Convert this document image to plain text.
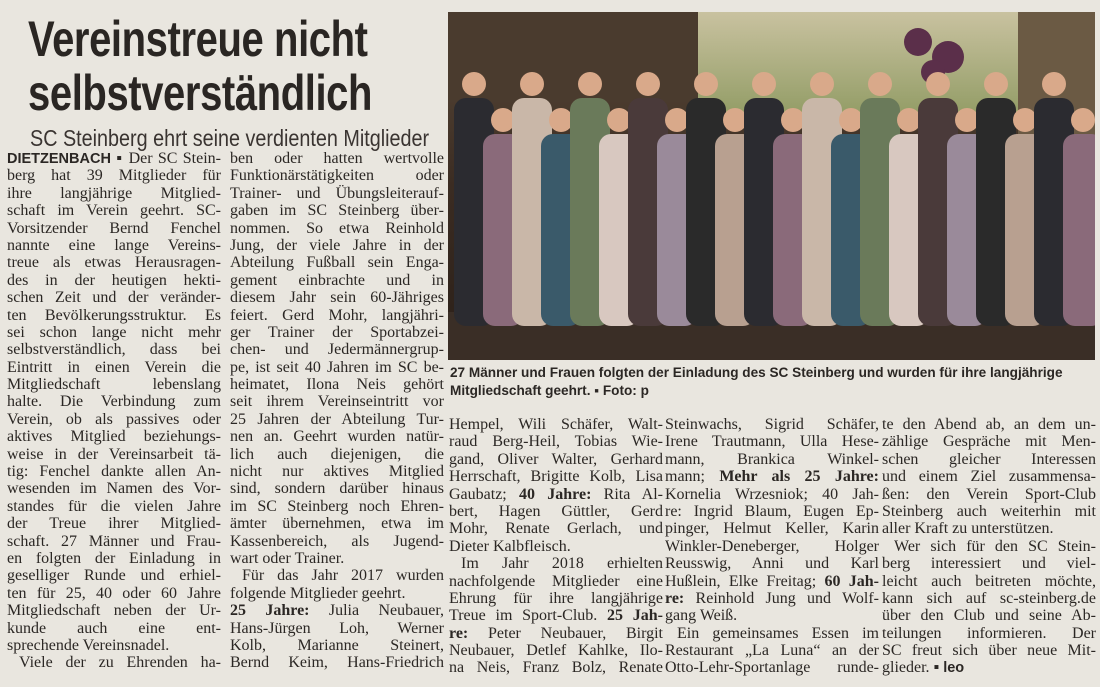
Vereinstreue nicht
selbstverständlich
SC Steinberg ehrt seine verdienten Mitglieder
DIETZENBACH ▪ Der SC Stein-
berg hat 39 Mitglieder für
ihre langjährige Mitglied-
schaft im Verein geehrt. SC-
Vorsitzender Bernd Fenchel
nannte eine lange Vereins-
treue als etwas Herausragen-
des in der heutigen hekti-
schen Zeit und der veränder-
ten Bevölkerungsstruktur. Es
sei schon lange nicht mehr
selbstverständlich, dass bei
Eintritt in einen Verein die
Mitgliedschaft lebenslang
halte. Die Verbindung zum
Verein, ob als passives oder
aktives Mitglied beziehungs-
weise in der Vereinsarbeit tä-
tig: Fenchel dankte allen An-
wesenden im Namen des Vor-
standes für die vielen Jahre
der Treue ihrer Mitglied-
schaft. 27 Männer und Frau-
en folgten der Einladung in
geselliger Runde und erhiel-
ten für 25, 40 oder 60 Jahre
Mitgliedschaft neben der Ur-
kunde auch eine ent-
sprechende Vereinsnadel.
Viele der zu Ehrenden ha-
ben oder hatten wertvolle
Funktionärstätigkeiten oder
Trainer- und Übungsleiterauf-
gaben im SC Steinberg über-
nommen. So etwa Reinhold
Jung, der viele Jahre in der
Abteilung Fußball sein Enga-
gement einbrachte und in
diesem Jahr sein 60-Jähriges
feiert. Gerd Mohr, langjähri-
ger Trainer der Sportabzei-
chen- und Jedermännergrup-
pe, ist seit 40 Jahren im SC be-
heimatet, Ilona Neis gehört
seit ihrem Vereinseintritt vor
25 Jahren der Abteilung Tur-
nen an. Geehrt wurden natür-
lich auch diejenigen, die
nicht nur aktives Mitglied
sind, sondern darüber hinaus
im SC Steinberg noch Ehren-
ämter übernehmen, etwa im
Kassenbereich, als Jugend-
wart oder Trainer.
Für das Jahr 2017 wurden
folgende Mitglieder geehrt.
25 Jahre: Julia Neubauer,
Hans-Jürgen Loh, Werner
Kolb, Marianne Steinert,
Bernd Keim, Hans-Friedrich
Hempel, Wili Schäfer, Walt-
raud Berg-Heil, Tobias Wie-
gand, Oliver Walter, Gerhard
Herrschaft, Brigitte Kolb, Lisa
Gaubatz; 40 Jahre: Rita Al-
bert, Hagen Güttler, Gerd
Mohr, Renate Gerlach, und
Dieter Kalbfleisch.
Im Jahr 2018 erhielten
nachfolgende Mitglieder eine
Ehrung für ihre langjährige
Treue im Sport-Club. 25 Jah-
re: Peter Neubauer, Birgit
Neubauer, Detlef Kahlke, Ilo-
na Neis, Franz Bolz, Renate
Steinwachs, Sigrid Schäfer,
Irene Trautmann, Ulla Hese-
mann, Brankica Winkel-
mann; Mehr als 25 Jahre:
Kornelia Wrzesniok; 40 Jah-
re: Ingrid Blaum, Eugen Ep-
pinger, Helmut Keller, Karin
Winkler-Deneberger, Holger
Reusswig, Anni und Karl
Hußlein, Elke Freitag; 60 Jah-
re: Reinhold Jung und Wolf-
gang Weiß.
Ein gemeinsames Essen im
Restaurant „La Luna“ an der
Otto-Lehr-Sportanlage runde-
te den Abend ab, an dem un-
zählige Gespräche mit Men-
schen gleicher Interessen
und einem Ziel zusammensa-
ßen: den Verein Sport-Club
Steinberg auch weiterhin mit
aller Kraft zu unterstützen.
Wer sich für den SC Stein-
berg interessiert und viel-
leicht auch beitreten möchte,
kann sich auf sc-steinberg.de
über den Club und seine Ab-
teilungen informieren. Der
SC freut sich über neue Mit-
glieder. ▪ leo
27 Männer und Frauen folgten der Einladung des SC Steinberg und wurden für ihre langjährige Mitgliedschaft geehrt. ▪ Foto: p
